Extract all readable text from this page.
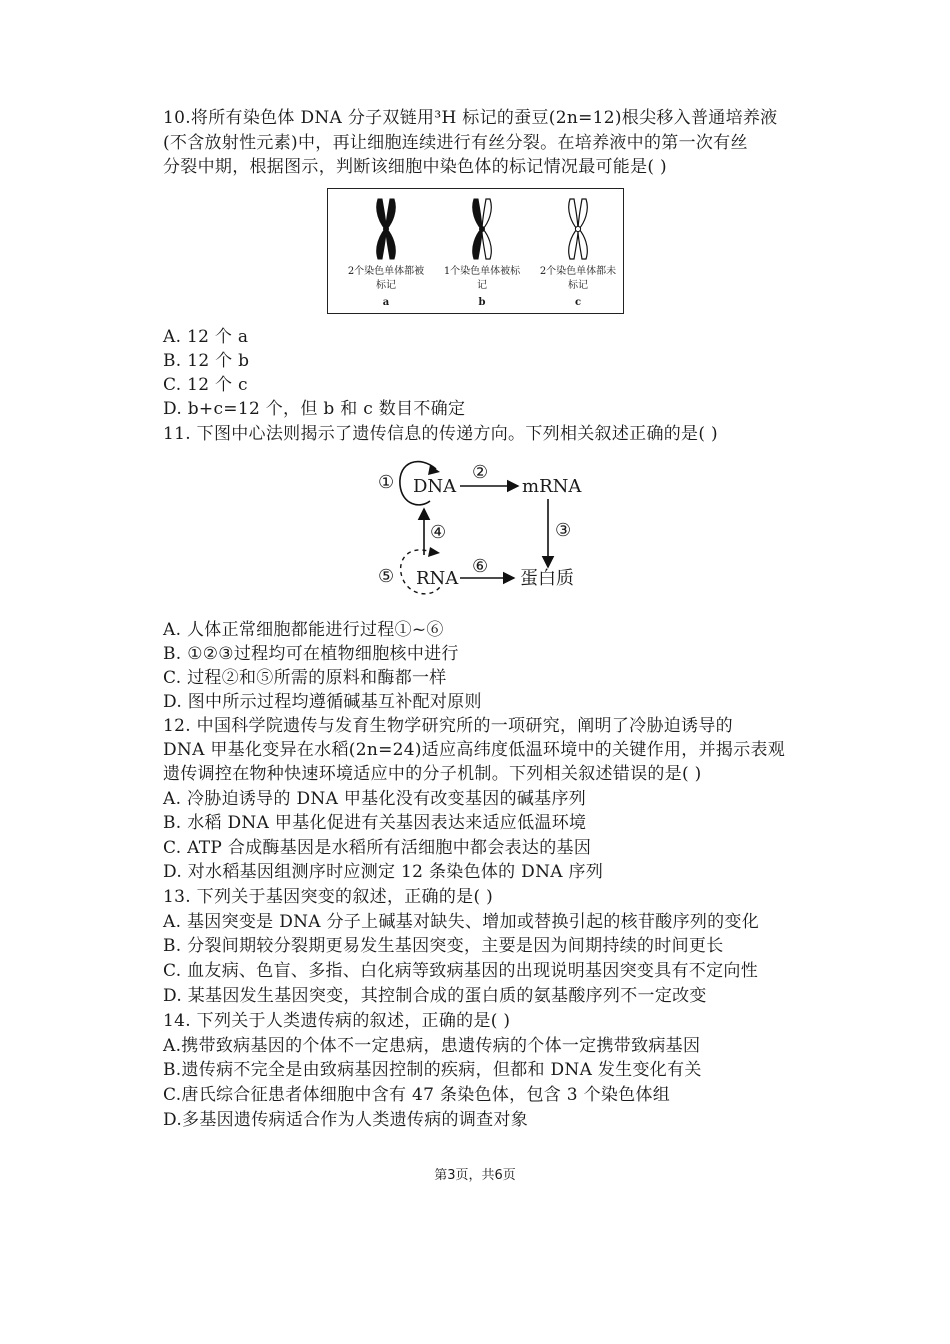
10.将所有染色体 DNA 分子双链用³H 标记的蚕豆(2n=12)根尖移入普通培养液
(不含放射性元素)中，再让细胞连续进行有丝分裂。在培养液中的第一次有丝
分裂中期，根据图示，判断该细胞中染色体的标记情况最可能是( )
2个染色单体都被标记
1个染色单体被标记
2个染色单体都未标记
a	b	c
A. 12 个 a
B. 12 个 b
C. 12 个 c
D. b+c=12 个，但 b 和 c 数目不确定
11. 下图中心法则揭示了遗传信息的传递方向。下列相关叙述正确的是( )
① DNA
②
mRNA
③
④
⑤ RNA
⑥
蛋白质
A. 人体正常细胞都能进行过程①~⑥
B. ①②③过程均可在植物细胞核中进行
C. 过程②和⑤所需的原料和酶都一样
D. 图中所示过程均遵循碱基互补配对原则
12. 中国科学院遗传与发育生物学研究所的一项研究，阐明了冷胁迫诱导的
DNA 甲基化变异在水稻(2n=24)适应高纬度低温环境中的关键作用，并揭示表观
遗传调控在物种快速环境适应中的分子机制。下列相关叙述错误的是( )
A. 冷胁迫诱导的 DNA 甲基化没有改变基因的碱基序列
B. 水稻 DNA 甲基化促进有关基因表达来适应低温环境
C. ATP 合成酶基因是水稻所有活细胞中都会表达的基因
D. 对水稻基因组测序时应测定 12 条染色体的 DNA 序列
13. 下列关于基因突变的叙述，正确的是( )
A. 基因突变是 DNA 分子上碱基对缺失、增加或替换引起的核苷酸序列的变化
B. 分裂间期较分裂期更易发生基因突变，主要是因为间期持续的时间更长
C. 血友病、色盲、多指、白化病等致病基因的出现说明基因突变具有不定向性
D. 某基因发生基因突变，其控制合成的蛋白质的氨基酸序列不一定改变
14. 下列关于人类遗传病的叙述，正确的是( )
A.携带致病基因的个体不一定患病，患遗传病的个体一定携带致病基因
B.遗传病不完全是由致病基因控制的疾病，但都和 DNA 发生变化有关
C.唐氏综合征患者体细胞中含有 47 条染色体，包含 3 个染色体组
D.多基因遗传病适合作为人类遗传病的调查对象
第3页，共6页
